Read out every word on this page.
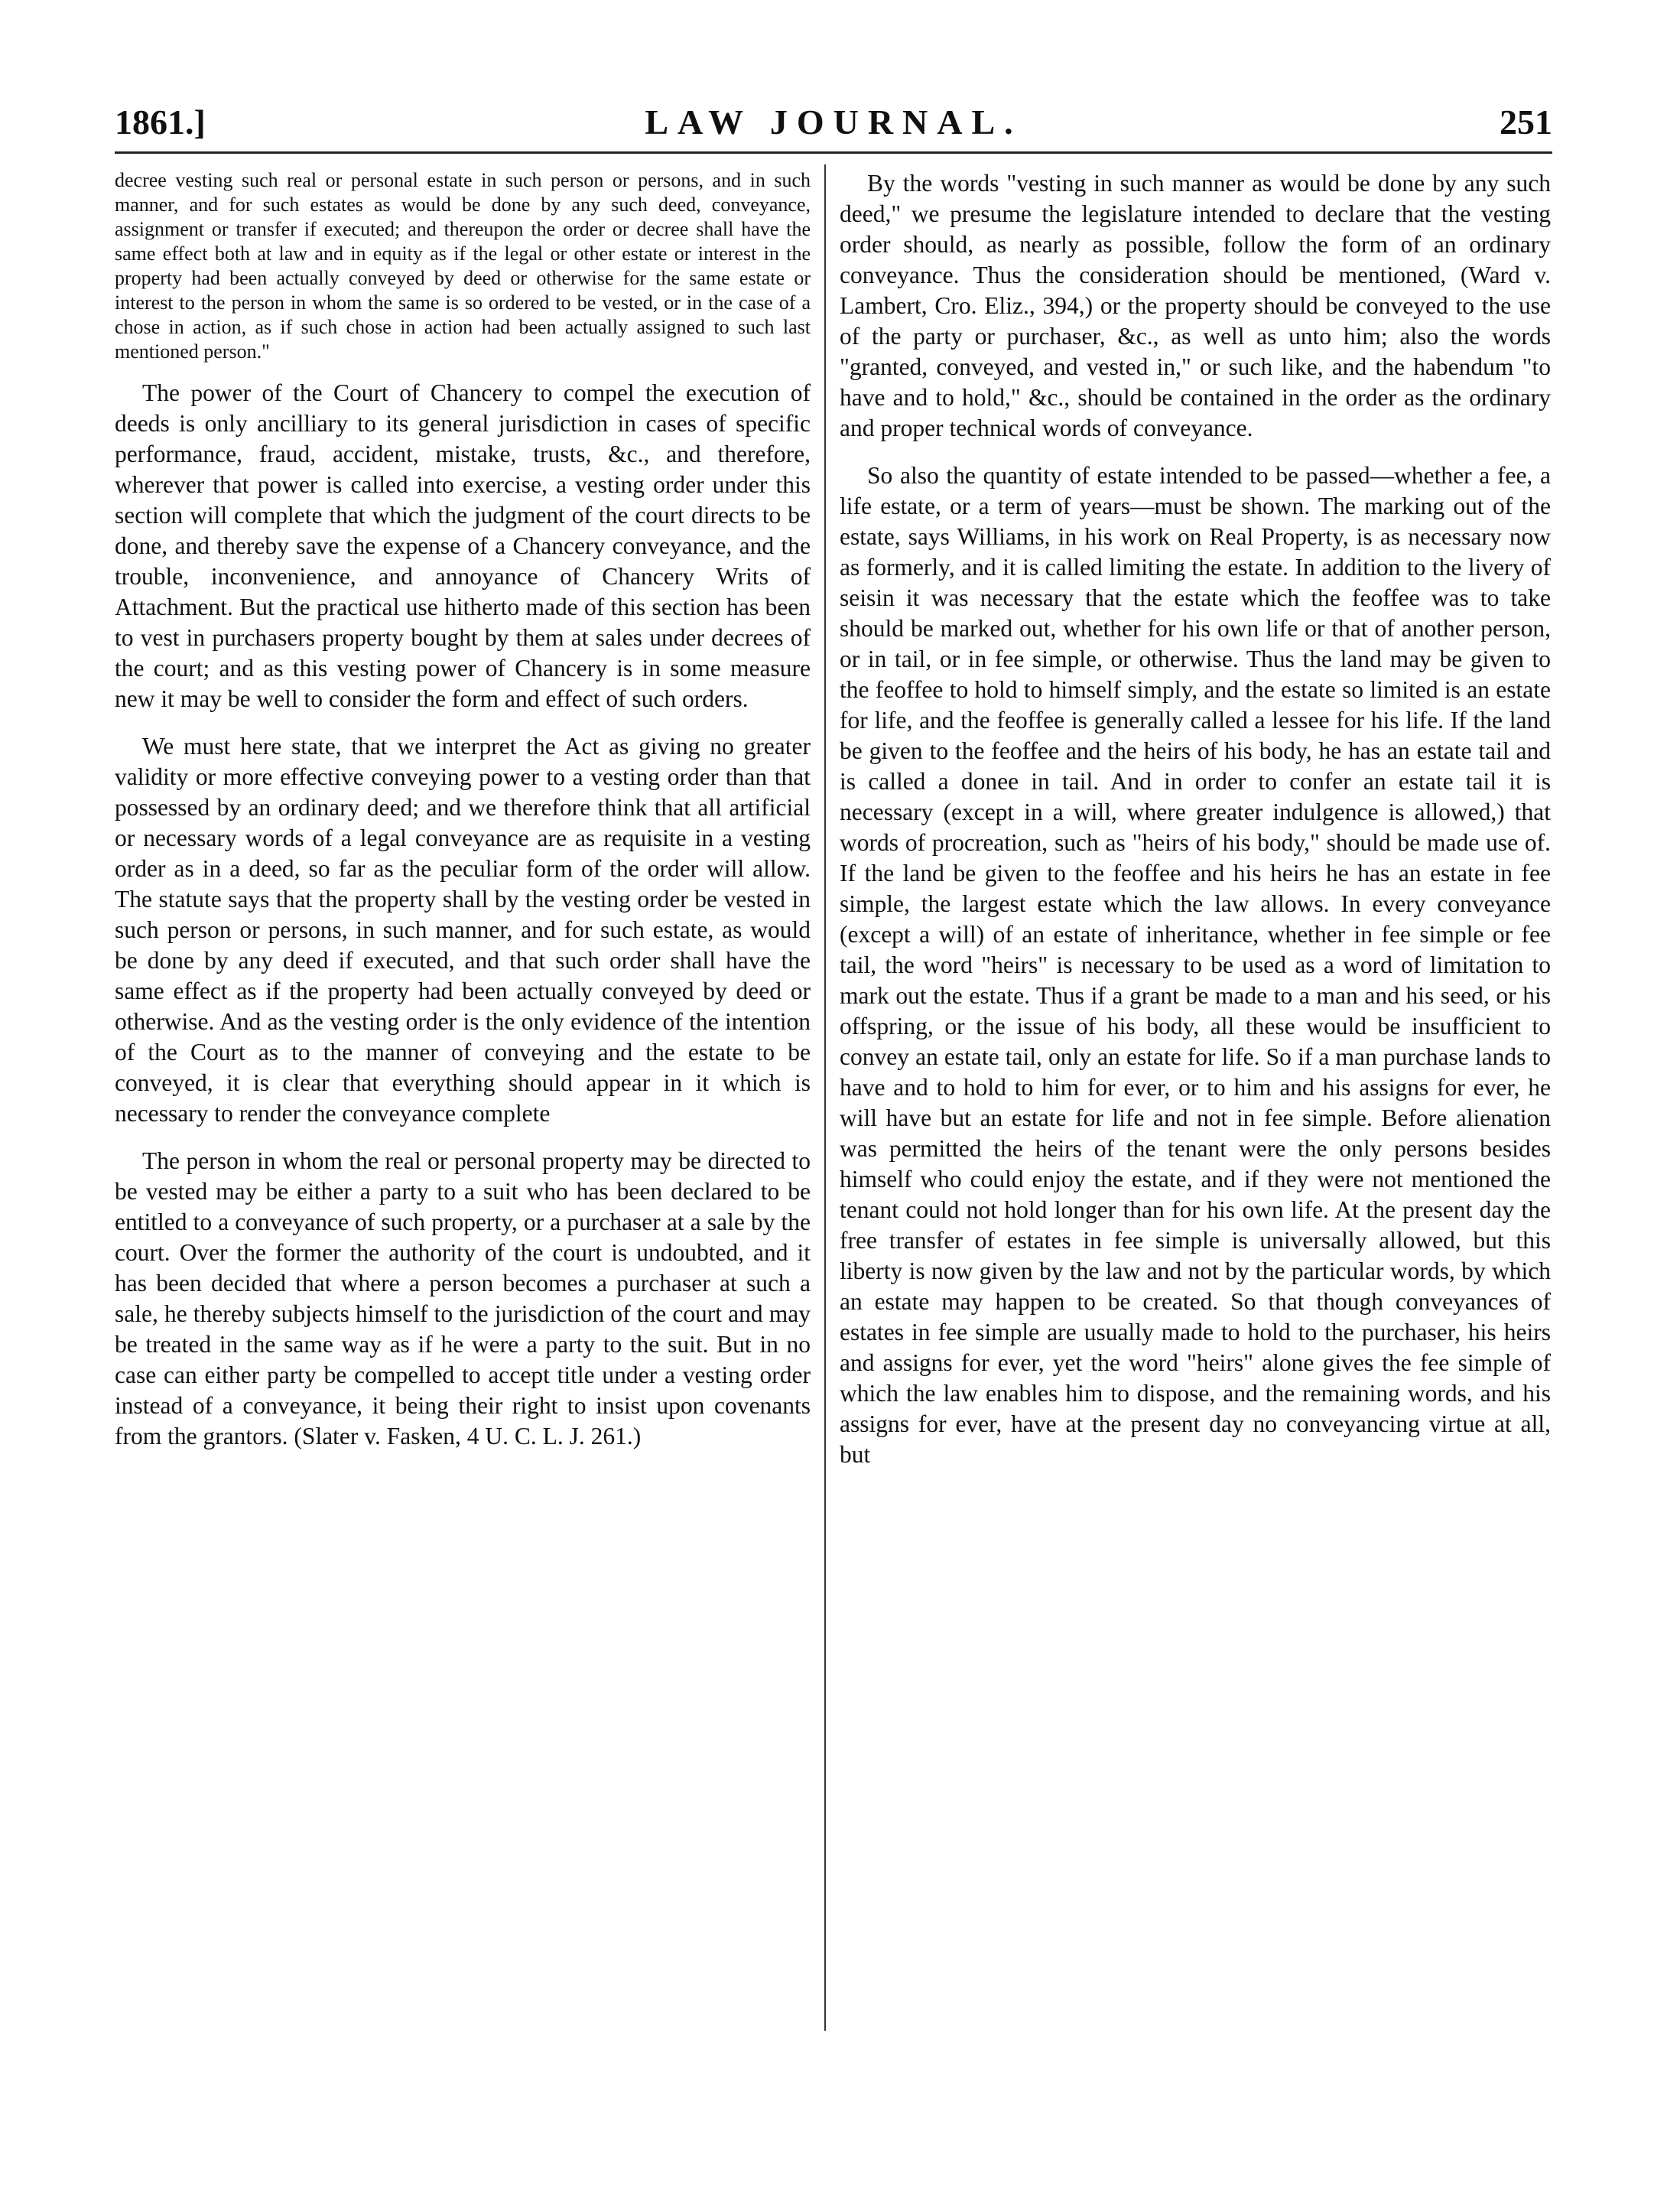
1861.]	LAW JOURNAL.	251

decree vesting such real or personal estate in such person or persons, and in such manner, and for such estates as would be done by any such deed, conveyance, assignment or transfer if executed; and thereupon the order or decree shall have the same effect both at law and in equity as if the legal or other estate or interest in the property had been actually conveyed by deed or otherwise for the same estate or interest to the person in whom the same is so ordered to be vested, or in the case of a chose in action, as if such chose in action had been actually assigned to such last mentioned person."

The power of the Court of Chancery to compel the execution of deeds is only ancilliary to its general jurisdiction in cases of specific performance, fraud, accident, mistake, trusts, &c., and therefore, wherever that power is called into exercise, a vesting order under this section will complete that which the judgment of the court directs to be done, and thereby save the expense of a Chancery conveyance, and the trouble, inconvenience, and annoyance of Chancery Writs of Attachment. But the practical use hitherto made of this section has been to vest in purchasers property bought by them at sales under decrees of the court; and as this vesting power of Chancery is in some measure new it may be well to consider the form and effect of such orders.

We must here state, that we interpret the Act as giving no greater validity or more effective conveying power to a vesting order than that possessed by an ordinary deed; and we therefore think that all artificial or necessary words of a legal conveyance are as requisite in a vesting order as in a deed, so far as the peculiar form of the order will allow. The statute says that the property shall by the vesting order be vested in such person or persons, in such manner, and for such estate, as would be done by any deed if executed, and that such order shall have the same effect as if the property had been actually conveyed by deed or otherwise. And as the vesting order is the only evidence of the intention of the Court as to the manner of conveying and the estate to be conveyed, it is clear that everything should appear in it which is necessary to render the conveyance complete

The person in whom the real or personal property may be directed to be vested may be either a party to a suit who has been declared to be entitled to a conveyance of such property, or a purchaser at a sale by the court. Over the former the authority of the court is undoubted, and it has been decided that where a person becomes a purchaser at such a sale, he thereby subjects himself to the jurisdiction of the court and may be treated in the same way as if he were a party to the suit. But in no case can either party be compelled to accept title under a vesting order instead of a conveyance, it being their right to insist upon covenants from the grantors. (Slater v. Fasken, 4 U. C. L. J. 261.)

By the words "vesting in such manner as would be done by any such deed," we presume the legislature intended to declare that the vesting order should, as nearly as possible, follow the form of an ordinary conveyance. Thus the consideration should be mentioned, (Ward v. Lambert, Cro. Eliz., 394,) or the property should be conveyed to the use of the party or purchaser, &c., as well as unto him; also the words "granted, conveyed, and vested in," or such like, and the habendum "to have and to hold," &c., should be contained in the order as the ordinary and proper technical words of conveyance.

So also the quantity of estate intended to be passed—whether a fee, a life estate, or a term of years—must be shown. The marking out of the estate, says Williams, in his work on Real Property, is as necessary now as formerly, and it is called limiting the estate. In addition to the livery of seisin it was necessary that the estate which the feoffee was to take should be marked out, whether for his own life or that of another person, or in tail, or in fee simple, or otherwise. Thus the land may be given to the feoffee to hold to himself simply, and the estate so limited is an estate for life, and the feoffee is generally called a lessee for his life. If the land be given to the feoffee and the heirs of his body, he has an estate tail and is called a donee in tail. And in order to confer an estate tail it is necessary (except in a will, where greater indulgence is allowed,) that words of procreation, such as "heirs of his body," should be made use of. If the land be given to the feoffee and his heirs he has an estate in fee simple, the largest estate which the law allows. In every conveyance (except a will) of an estate of inheritance, whether in fee simple or fee tail, the word "heirs" is necessary to be used as a word of limitation to mark out the estate. Thus if a grant be made to a man and his seed, or his offspring, or the issue of his body, all these would be insufficient to convey an estate tail, only an estate for life. So if a man purchase lands to have and to hold to him for ever, or to him and his assigns for ever, he will have but an estate for life and not in fee simple. Before alienation was permitted the heirs of the tenant were the only persons besides himself who could enjoy the estate, and if they were not mentioned the tenant could not hold longer than for his own life. At the present day the free transfer of estates in fee simple is universally allowed, but this liberty is now given by the law and not by the particular words, by which an estate may happen to be created. So that though conveyances of estates in fee simple are usually made to hold to the purchaser, his heirs and assigns for ever, yet the word "heirs" alone gives the fee simple of which the law enables him to dispose, and the remaining words, and his assigns for ever, have at the present day no conveyancing virtue at all, but
